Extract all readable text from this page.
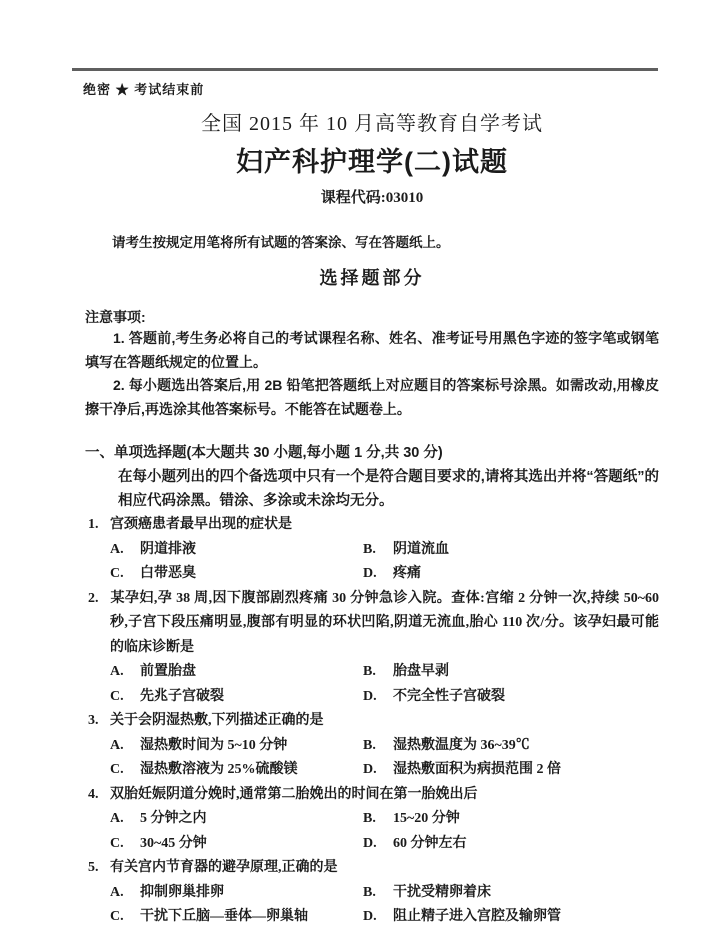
绝密 ★ 考试结束前
全国 2015 年 10 月高等教育自学考试
妇产科护理学(二)试题
课程代码:03010

请考生按规定用笔将所有试题的答案涂、写在答题纸上。

选择题部分
注意事项:

1. 答题前,考生务必将自己的考试课程名称、姓名、准考证号用黑色字迹的签字笔或钢笔填写在答题纸规定的位置上。

2. 每小题选出答案后,用 2B 铅笔把答题纸上对应题目的答案标号涂黑。如需改动,用橡皮擦干净后,再选涂其他答案标号。不能答在试题卷上。

一、单项选择题(本大题共 30 小题,每小题 1 分,共 30 分)

在每小题列出的四个备选项中只有一个是符合题目要求的,请将其选出并将“答题纸”的相应代码涂黑。错涂、多涂或未涂均无分。

1. 宫颈癌患者最早出现的症状是

A. 阴道排液	B. 阴道流血
C. 白带恶臭	D. 疼痛

2. 某孕妇,孕 38 周,因下腹部剧烈疼痛 30 分钟急诊入院。查体:宫缩 2 分钟一次,持续 50~60 秒,子宫下段压痛明显,腹部有明显的环状凹陷,阴道无流血,胎心 110 次/分。该孕妇最可能的临床诊断是

A. 前置胎盘	B. 胎盘早剥
C. 先兆子宫破裂	D. 不完全性子宫破裂

3. 关于会阴湿热敷,下列描述正确的是

A. 湿热敷时间为 5~10 分钟	B. 湿热敷温度为 36~39℃
C. 湿热敷溶液为 25%硫酸镁	D. 湿热敷面积为病损范围 2 倍

4. 双胎妊娠阴道分娩时,通常第二胎娩出的时间在第一胎娩出后

A. 5 分钟之内	B. 15~20 分钟
C. 30~45 分钟	D. 60 分钟左右

5. 有关宫内节育器的避孕原理,正确的是

A. 抑制卵巢排卵	B. 干扰受精卵着床
C. 干扰下丘脑—垂体—卵巢轴	D. 阻止精子进入宫腔及输卵管
